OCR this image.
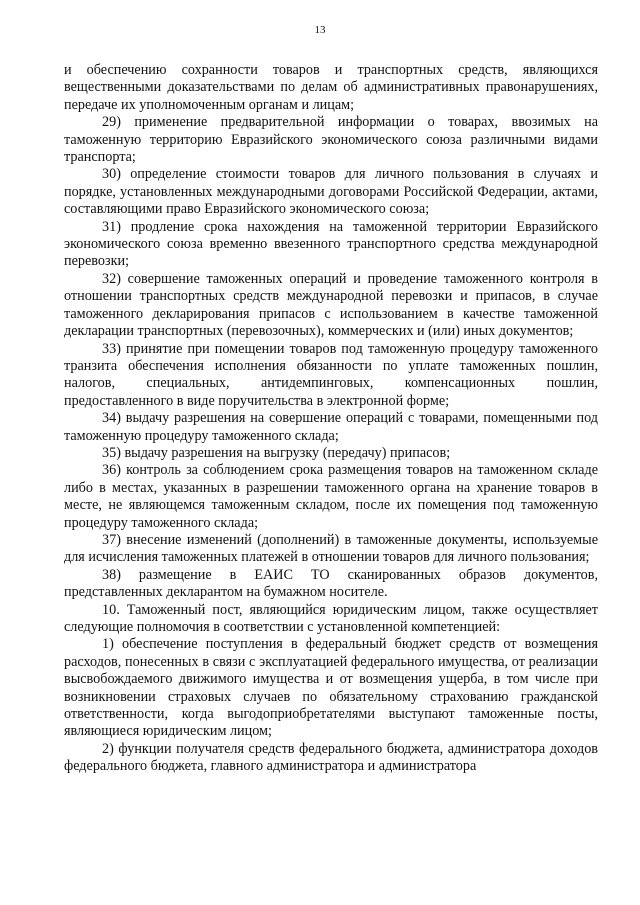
13

и обеспечению сохранности товаров и транспортных средств, являющихся вещественными доказательствами по делам об административных правонарушениях, передаче их уполномоченным органам и лицам;

29) применение предварительной информации о товарах, ввозимых на таможенную территорию Евразийского экономического союза различными видами транспорта;

30) определение стоимости товаров для личного пользования в случаях и порядке, установленных международными договорами Российской Федерации, актами, составляющими право Евразийского экономического союза;

31) продление срока нахождения на таможенной территории Евразийского экономического союза временно ввезенного транспортного средства международной перевозки;

32) совершение таможенных операций и проведение таможенного контроля в отношении транспортных средств международной перевозки и припасов, в случае таможенного декларирования припасов с использованием в качестве таможенной декларации транспортных (перевозочных), коммерческих и (или) иных документов;

33) принятие при помещении товаров под таможенную процедуру таможенного транзита обеспечения исполнения обязанности по уплате таможенных пошлин, налогов, специальных, антидемпинговых, компенсационных пошлин, предоставленного в виде поручительства в электронной форме;

34) выдачу разрешения на совершение операций с товарами, помещенными под таможенную процедуру таможенного склада;

35) выдачу разрешения на выгрузку (передачу) припасов;

36) контроль за соблюдением срока размещения товаров на таможенном складе либо в местах, указанных в разрешении таможенного органа на хранение товаров в месте, не являющемся таможенным складом, после их помещения под таможенную процедуру таможенного склада;

37) внесение изменений (дополнений) в таможенные документы, используемые для исчисления таможенных платежей в отношении товаров для личного пользования;

38) размещение в ЕАИС ТО сканированных образов документов, представленных декларантом на бумажном носителе.

10. Таможенный пост, являющийся юридическим лицом, также осуществляет следующие полномочия в соответствии с установленной компетенцией:

1) обеспечение поступления в федеральный бюджет средств от возмещения расходов, понесенных в связи с эксплуатацией федерального имущества, от реализации высвобождаемого движимого имущества и от возмещения ущерба, в том числе при возникновении страховых случаев по обязательному страхованию гражданской ответственности, когда выгодоприобретателями выступают таможенные посты, являющиеся юридическим лицом;

2) функции получателя средств федерального бюджета, администратора доходов федерального бюджета, главного администратора и администратора
